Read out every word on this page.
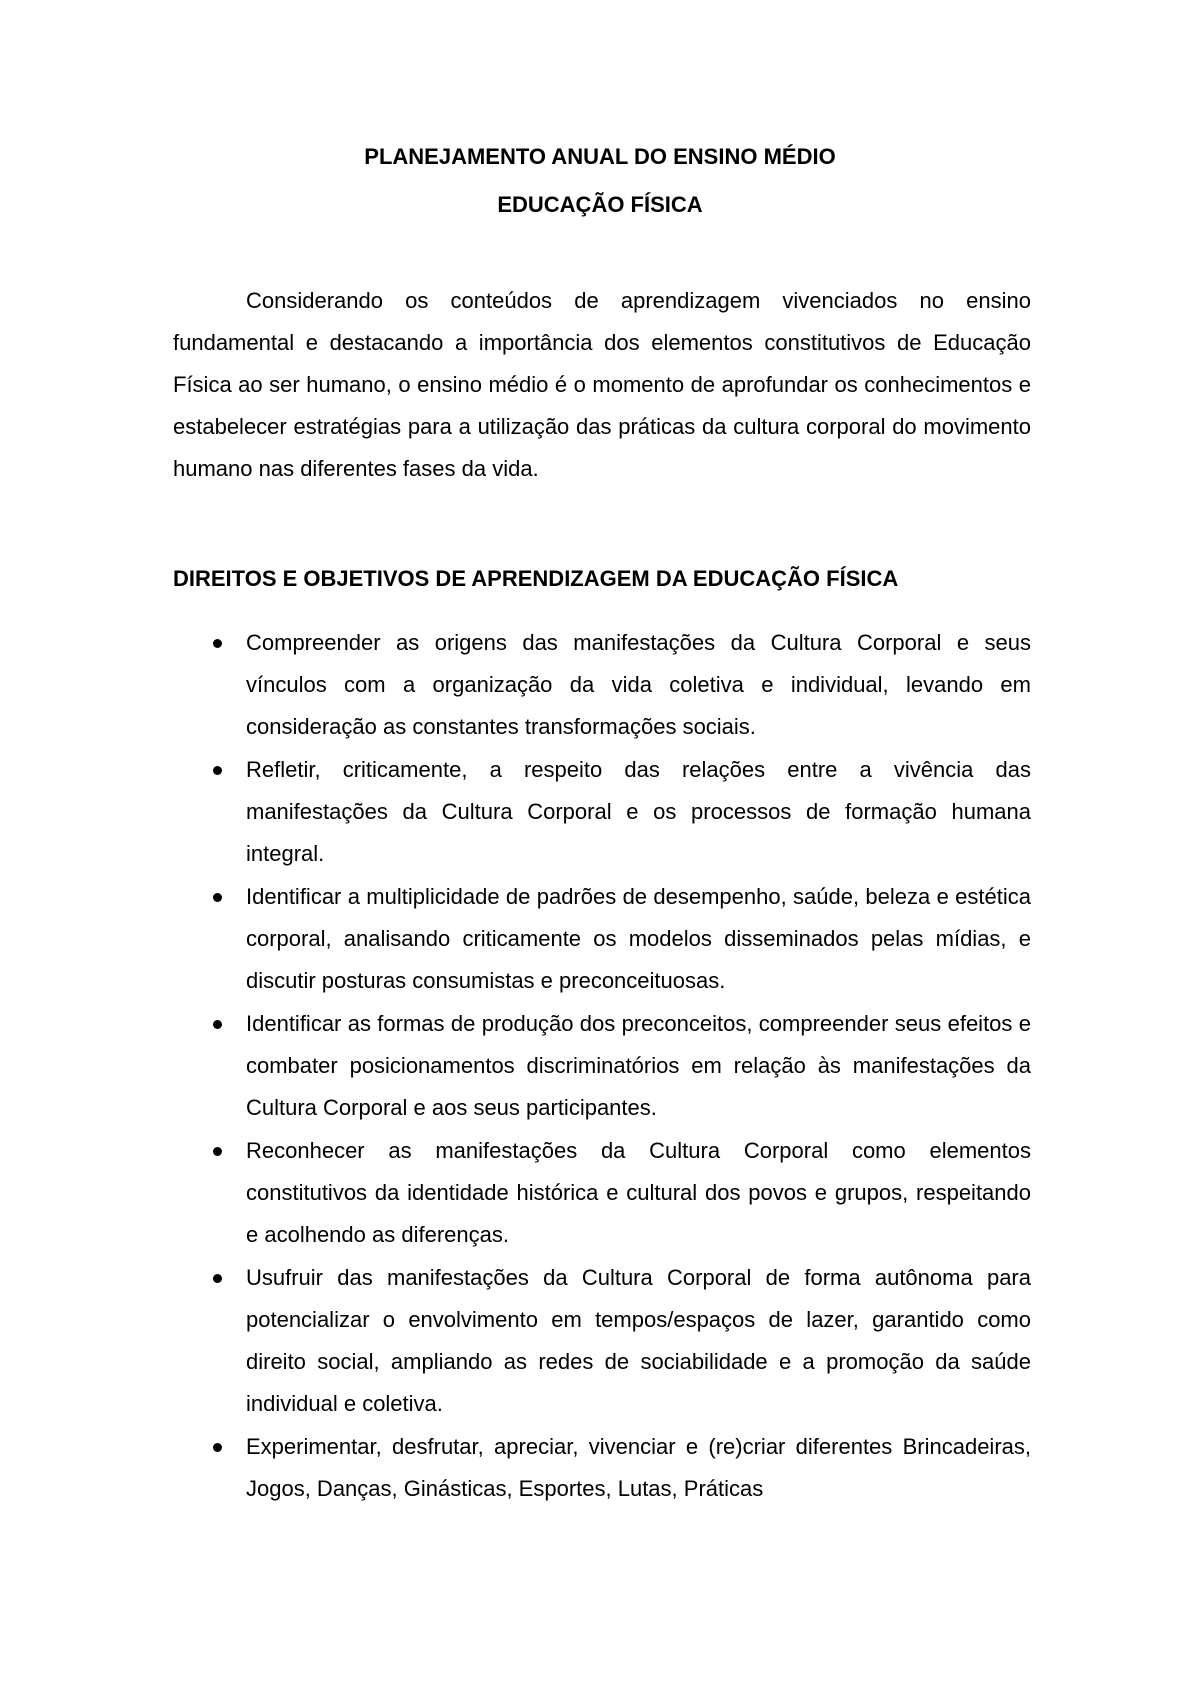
PLANEJAMENTO ANUAL DO ENSINO MÉDIO

EDUCAÇÃO FÍSICA

Considerando os conteúdos de aprendizagem vivenciados no ensino fundamental e destacando a importância dos elementos constitutivos de Educação Física ao ser humano, o ensino médio é o momento de aprofundar os conhecimentos e estabelecer estratégias para a utilização das práticas da cultura corporal do movimento humano nas diferentes fases da vida.

DIREITOS E OBJETIVOS DE APRENDIZAGEM DA EDUCAÇÃO FÍSICA

Compreender as origens das manifestações da Cultura Corporal e seus vínculos com a organização da vida coletiva e individual, levando em consideração as constantes transformações sociais.
Refletir, criticamente, a respeito das relações entre a vivência das manifestações da Cultura Corporal e os processos de formação humana integral.
Identificar a multiplicidade de padrões de desempenho, saúde, beleza e estética corporal, analisando criticamente os modelos disseminados pelas mídias, e discutir posturas consumistas e preconceituosas.
Identificar as formas de produção dos preconceitos, compreender seus efeitos e combater posicionamentos discriminatórios em relação às manifestações da Cultura Corporal e aos seus participantes.
Reconhecer as manifestações da Cultura Corporal como elementos constitutivos da identidade histórica e cultural dos povos e grupos, respeitando e acolhendo as diferenças.
Usufruir das manifestações da Cultura Corporal de forma autônoma para potencializar o envolvimento em tempos/espaços de lazer, garantido como direito social, ampliando as redes de sociabilidade e a promoção da saúde individual e coletiva.
Experimentar, desfrutar, apreciar, vivenciar e (re)criar diferentes Brincadeiras, Jogos, Danças, Ginásticas, Esportes, Lutas, Práticas
